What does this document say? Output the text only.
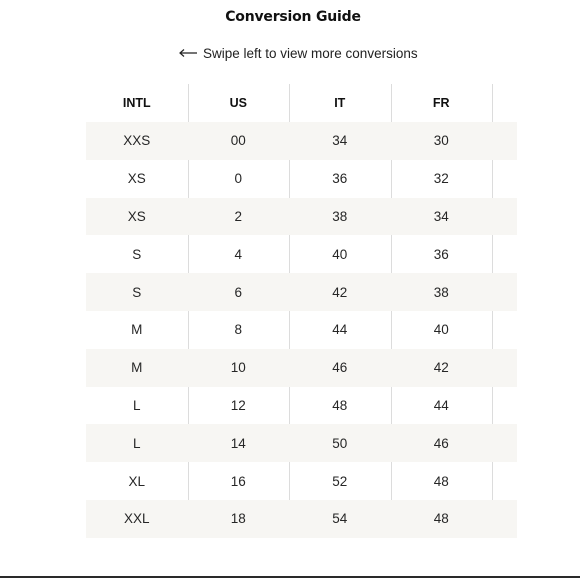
Conversion Guide
Swipe left to view more conversions
INTL	US	IT	FR
XXS	00	34	30
XS	0	36	32
XS	2	38	34
S	4	40	36
S	6	42	38
M	8	44	40
M	10	46	42
L	12	48	44
L	14	50	46
XL	16	52	48
XXL	18	54	48
